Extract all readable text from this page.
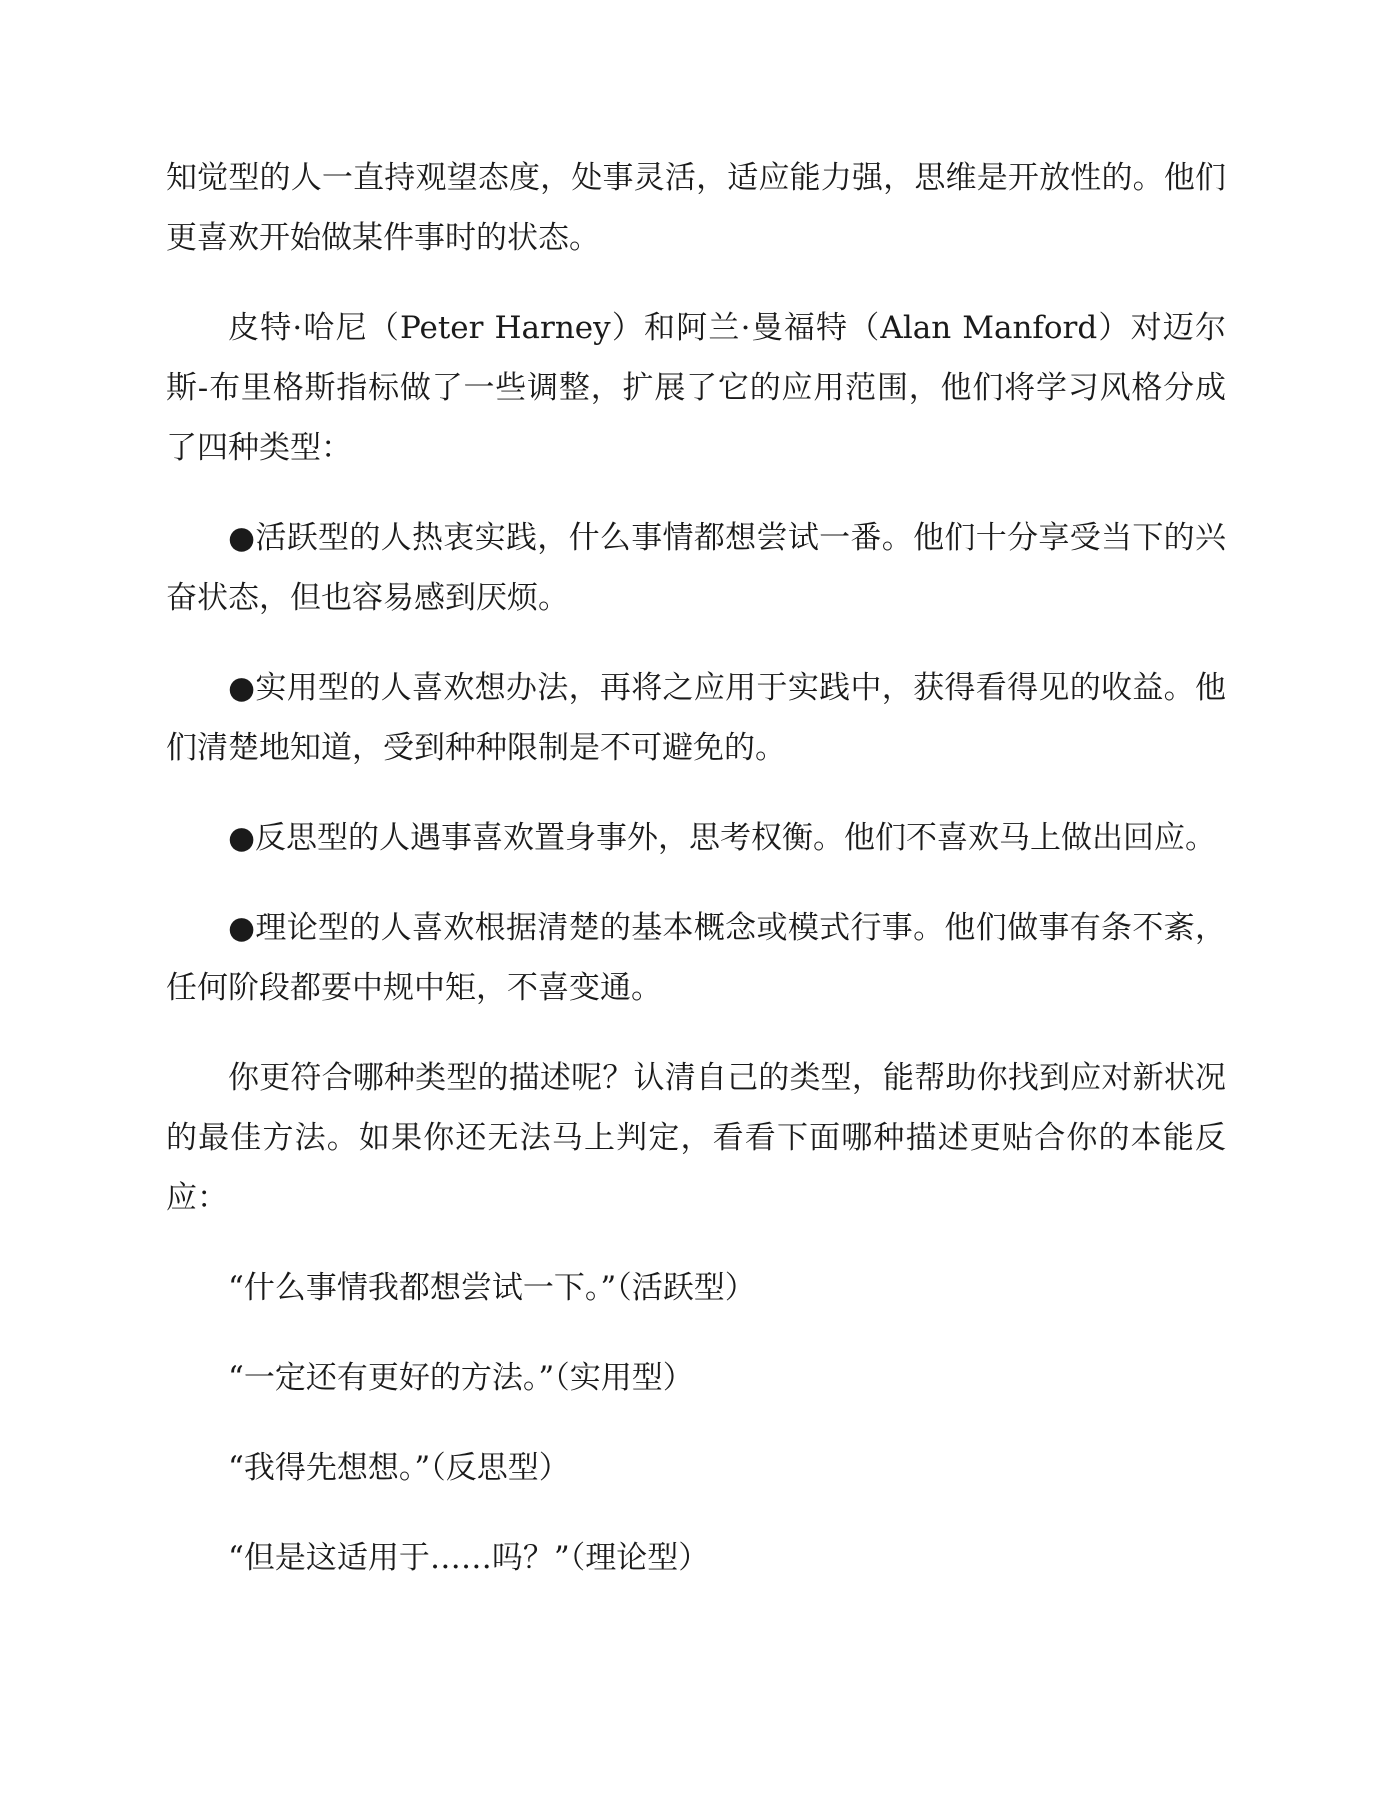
知觉型的人一直持观望态度，处事灵活，适应能力强，思维是开放性的。他们更喜欢开始做某件事时的状态。

皮特·哈尼（Peter Harney）和阿兰·曼福特（Alan Manford）对迈尔斯-布里格斯指标做了一些调整，扩展了它的应用范围，他们将学习风格分成了四种类型：

●活跃型的人热衷实践，什么事情都想尝试一番。他们十分享受当下的兴奋状态，但也容易感到厌烦。

●实用型的人喜欢想办法，再将之应用于实践中，获得看得见的收益。他们清楚地知道，受到种种限制是不可避免的。

●反思型的人遇事喜欢置身事外，思考权衡。他们不喜欢马上做出回应。

●理论型的人喜欢根据清楚的基本概念或模式行事。他们做事有条不紊，任何阶段都要中规中矩，不喜变通。

你更符合哪种类型的描述呢？认清自己的类型，能帮助你找到应对新状况的最佳方法。如果你还无法马上判定，看看下面哪种描述更贴合你的本能反应：

“什么事情我都想尝试一下。”（活跃型）

“一定还有更好的方法。”（实用型）

“我得先想想。”（反思型）

“但是这适用于……吗？”（理论型）
